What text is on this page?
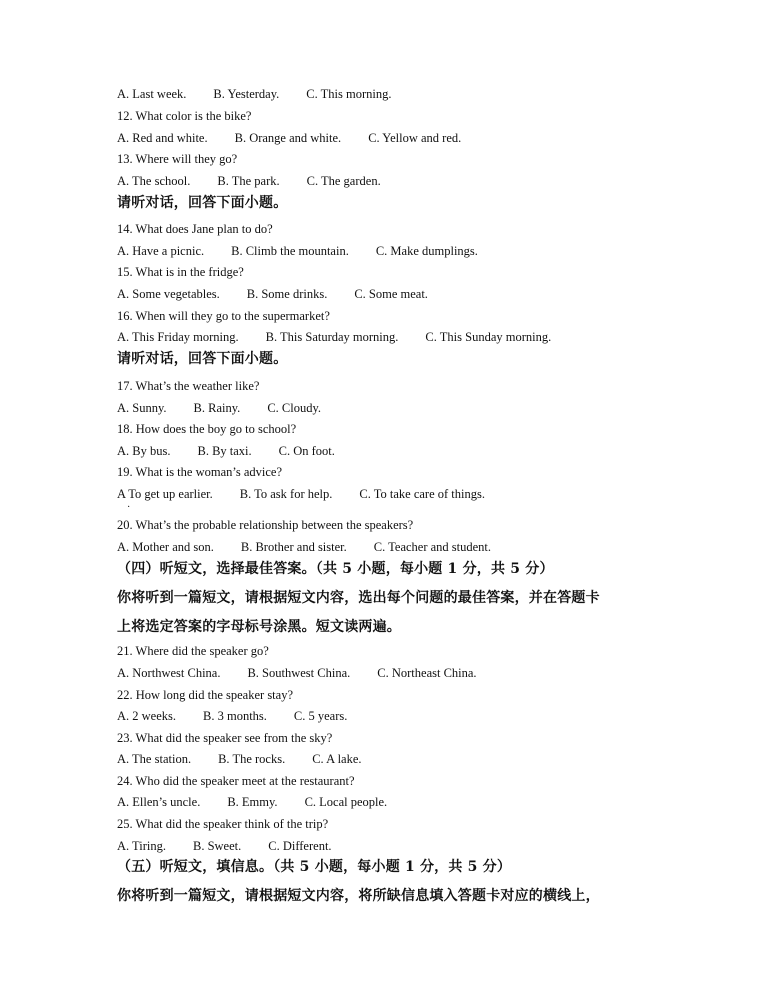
A. Last week. B. Yesterday. C. This morning.
12. What color is the bike?
A. Red and white. B. Orange and white. C. Yellow and red.
13. Where will they go?
A. The school. B. The park. C. The garden.
请听对话，回答下面小题。
14. What does Jane plan to do?
A. Have a picnic. B. Climb the mountain. C. Make dumplings.
15. What is in the fridge?
A. Some vegetables. B. Some drinks. C. Some meat.
16. When will they go to the supermarket?
A. This Friday morning. B. This Saturday morning. C. This Sunday morning.
请听对话，回答下面小题。
17. What’s the weather like?
A. Sunny. B. Rainy. C. Cloudy.
18. How does the boy go to school?
A. By bus. B. By taxi. C. On foot.
19. What is the woman’s advice?
A To get up earlier. B. To ask for help. C. To take care of things.
20. What’s the probable relationship between the speakers?
A. Mother and son. B. Brother and sister. C. Teacher and student.
（四）听短文，选择最佳答案。（共 5 小题，每小题 1 分，共 5 分）
你将听到一篇短文，请根据短文内容，选出每个问题的最佳答案，并在答题卡
上将选定答案的字母标号涂黑。短文读两遍。
21. Where did the speaker go?
A. Northwest China. B. Southwest China. C. Northeast China.
22. How long did the speaker stay?
A. 2 weeks. B. 3 months. C. 5 years.
23. What did the speaker see from the sky?
A. The station. B. The rocks. C. A lake.
24. Who did the speaker meet at the restaurant?
A. Ellen’s uncle. B. Emmy. C. Local people.
25. What did the speaker think of the trip?
A. Tiring. B. Sweet. C. Different.
（五）听短文，填信息。（共 5 小题，每小题 1 分，共 5 分）
你将听到一篇短文，请根据短文内容，将所缺信息填入答题卡对应的横线上，
·
